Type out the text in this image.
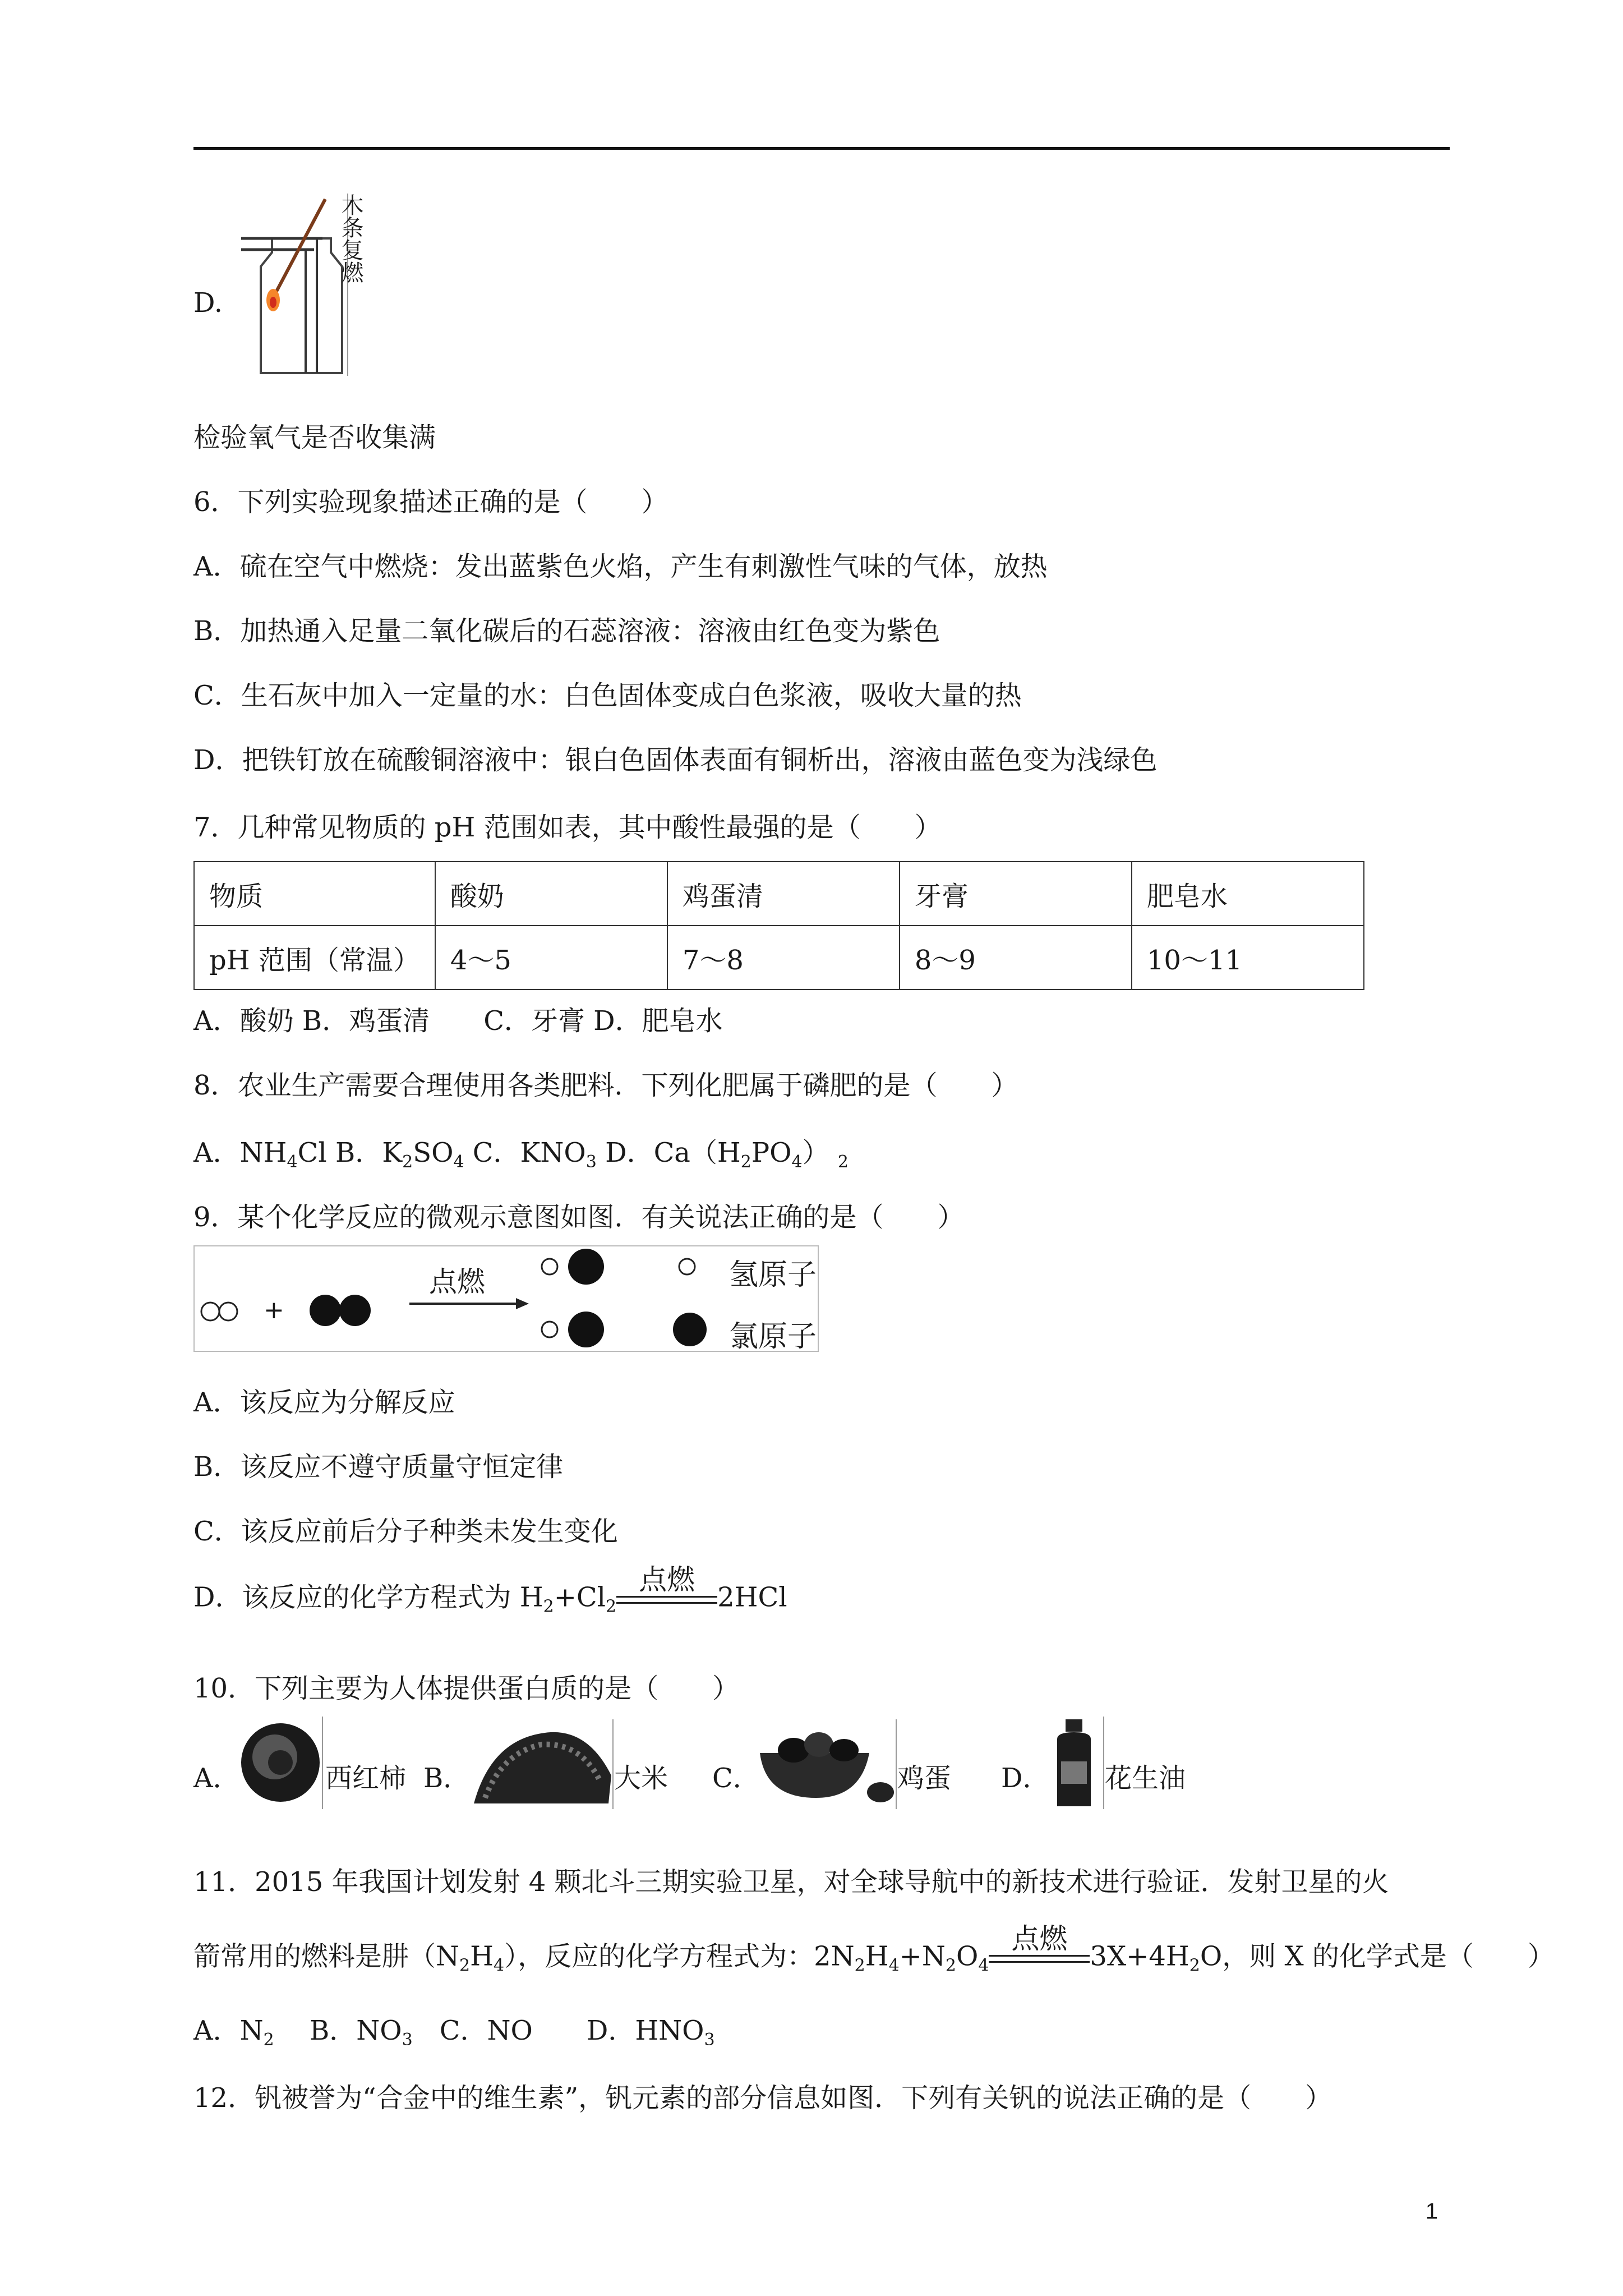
D.
木条复燃
检验氧气是否收集满
6．下列实验现象描述正确的是（　　）
A．硫在空气中燃烧：发出蓝紫色火焰，产生有刺激性气味的气体，放热
B．加热通入足量二氧化碳后的石蕊溶液：溶液由红色变为紫色
C．生石灰中加入一定量的水：白色固体变成白色浆液，吸收大量的热
D．把铁钉放在硫酸铜溶液中：银白色固体表面有铜析出，溶液由蓝色变为浅绿色
7．几种常见物质的 pH 范围如表，其中酸性最强的是（　　）
物质	酸奶	鸡蛋清	牙膏	肥皂水
pH 范围（常温）	4～5	7～8	8～9	10～11
A．酸奶 B．鸡蛋清　　C．牙膏 D．肥皂水
8．农业生产需要合理使用各类肥料．下列化肥属于磷肥的是（　　）
A．$NH_4Cl$ B．$K_2SO_4$ C．$KNO_3$ D．$Ca(H_2PO_4)$ $_2$
9．某个化学反应的微观示意图如图．有关说法正确的是（　　）
+
点燃	氢原子
氯原子
A．该反应为分解反应
B．该反应不遵守质量守恒定律
C．该反应前后分子种类未发生变化
D．该反应的化学方程式为 $H_2+Cl_2$
点燃
2HCl
10．下列主要为人体提供蛋白质的是（　　）
A．	西红柿 B．	大米 C．	鸡蛋 D． 花生油
11．2015 年我国计划发射 4 颗北斗三期实验卫星，对全球导航中的新技术进行验证．发射卫星的火
箭常用的燃料是肼$(N_2H_4)$，反应的化学方程式为：$2N_2H_4+N_2O_4$
点燃
$3X+4H_2O$，则 X 的化学式是（　　）
A．$N_2$　 B．$NO_3$　C．NO　　D．$HNO_3$
12．钒被誉为“合金中的维生素”，钒元素的部分信息如图．下列有关钒的说法正确的是（　　）
1
